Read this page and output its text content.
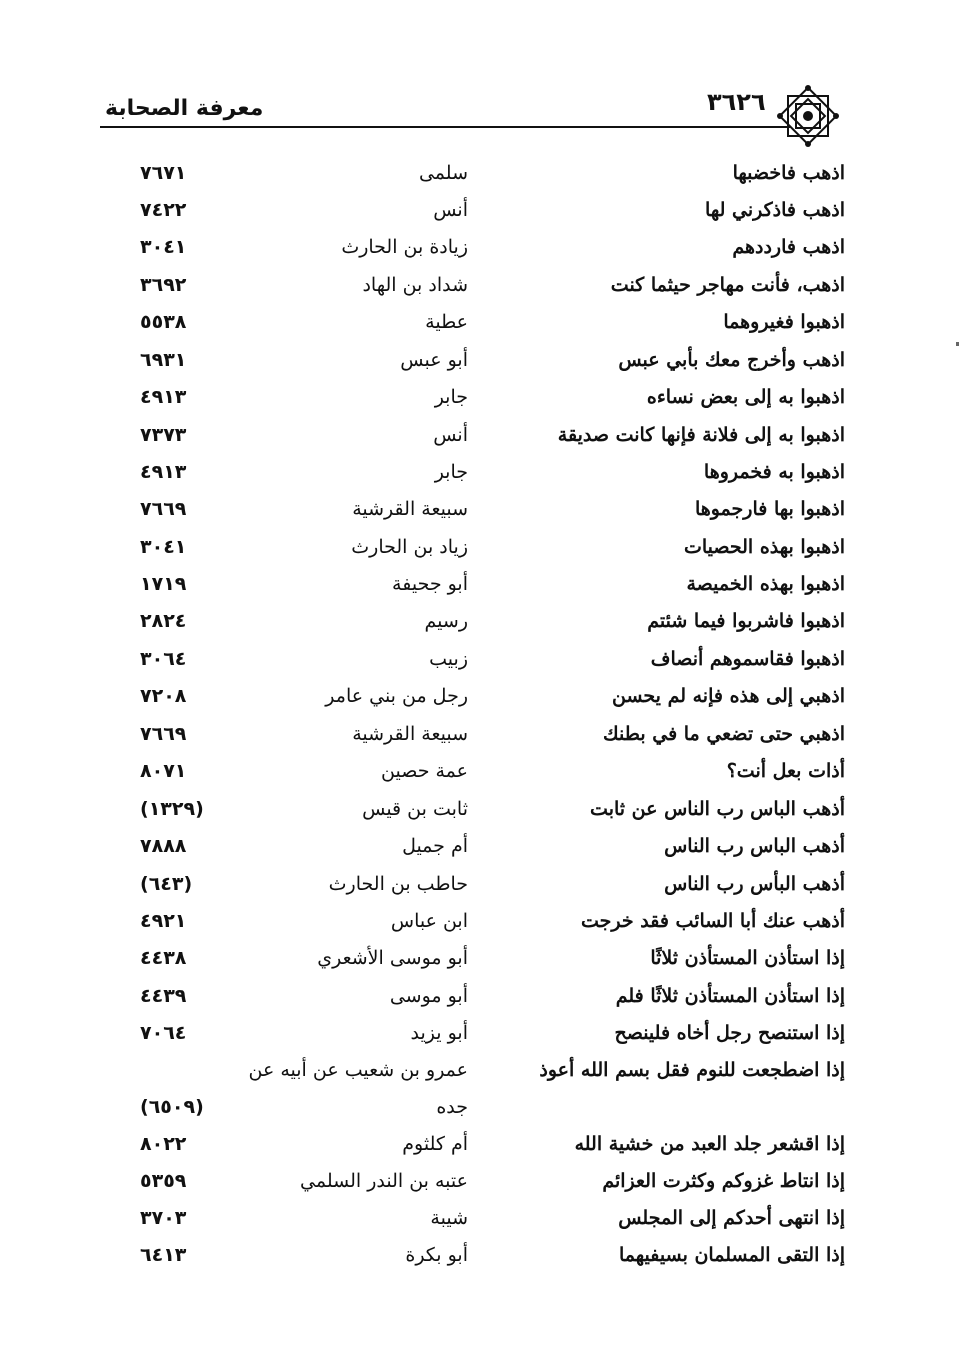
معرفة الصحابة	٣٦٢٦
اذهب فاخضبها
سلمى
٧٦٧١
اذهب فاذكرني لها
أنس
٧٤٢٢
اذهب فارددهم
زيادة بن الحارث
٣٠٤١
اذهب، فأنت مهاجر حيثما كنت
شداد بن الهاد
٣٦٩٢
اذهبوا فغيروهما
عطية
٥٥٣٨
اذهب وأخرج معك بأبي عبس
أبو عبس
٦٩٣١
اذهبوا به إلى بعض نساءه
جابر
٤٩١٣
اذهبوا به إلى فلانة فإنها كانت صديقة
أنس
٧٣٧٣
اذهبوا به فخمروها
جابر
٤٩١٣
اذهبوا بها فارجموها
سبيعة القرشية
٧٦٦٩
اذهبوا بهذه الحصيات
زياد بن الحارث
٣٠٤١
اذهبوا بهذه الخميصة
أبو جحيفة
١٧١٩
اذهبوا فاشربوا فيما شئتم
رسيم
٢٨٢٤
اذهبوا فقاسموهم أنصاف
زبيب
٣٠٦٤
اذهبي إلى هذه فإنه لم يحسن
رجل من بني عامر
٧٢٠٨
اذهبي حتى تضعي ما في بطنك
سبيعة القرشية
٧٦٦٩
أذات بعل أنت؟
عمة حصين
٨٠٧١
أذهب الباس رب الناس عن ثابت
ثابت بن قيس
(١٣٢٩)
أذهب الباس رب الناس
أم جميل
٧٨٨٨
أذهب البأس رب الناس
حاطب بن الحارث
(٦٤٣)
أذهب عنك أبا السائب فقد خرجت
ابن عباس
٤٩٢١
إذا استأذن المستأذن ثلاثًا
أبو موسى الأشعري
٤٤٣٨
إذا استأذن المستأذن ثلاثًا فلم
أبو موسى
٤٤٣٩
إذا استنصح رجل أخاه فلينصح
أبو يزيد
٧٠٦٤
إذا اضطجعت للنوم فقل بسم الله أعوذ
عمرو بن شعيب عن أبيه عن
جده
(٦٥٠٩)
إذا اقشعر جلد العبد من خشية الله
أم كلثوم
٨٠٢٢
إذا انتاط غزوكم وكثرت العزائم
عتبه بن الندر السلمي
٥٣٥٩
إذا انتهى أحدكم إلى المجلس
شيبة
٣٧٠٣
إذا التقى المسلمان بسيفيهما
أبو بكرة
٦٤١٣
